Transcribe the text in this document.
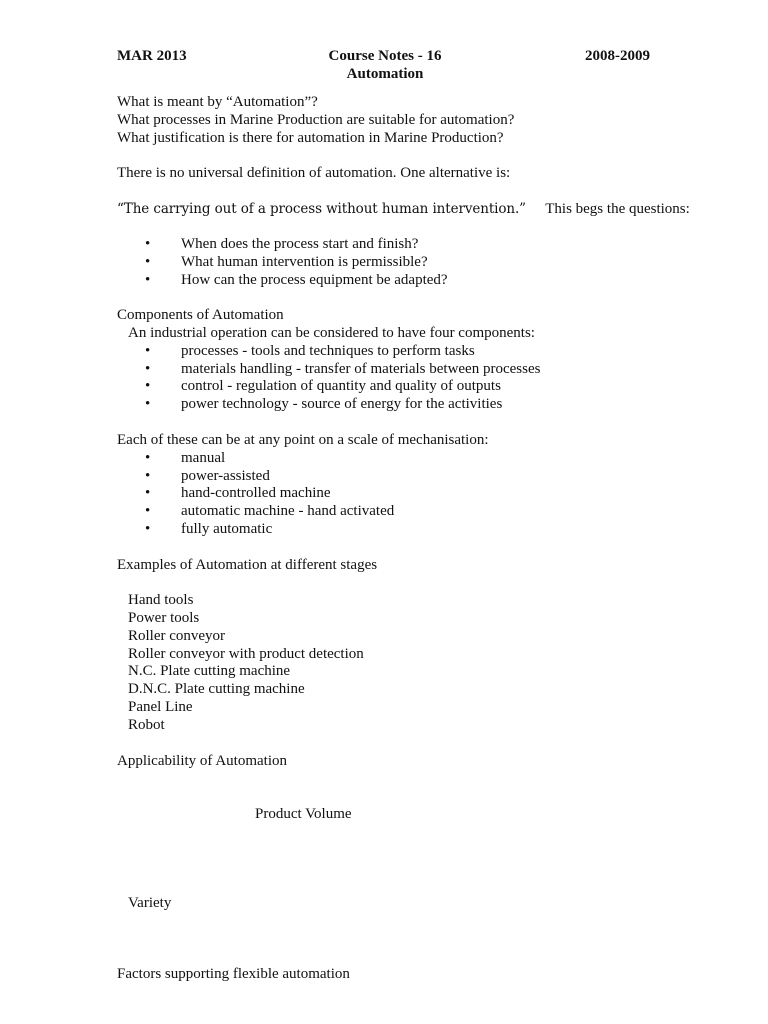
MAR 2013	Course Notes - 16	2008-2009
Automation
What is meant by “Automation”?
What processes in Marine Production are suitable for automation?
What justification is there for automation in Marine Production?
There is no universal definition of automation. One alternative is:
“The carrying out of a process without human intervention.” This begs the questions:
• When does the process start and finish?
• What human intervention is permissible?
• How can the process equipment be adapted?
Components of Automation
An industrial operation can be considered to have four components:
• processes - tools and techniques to perform tasks
• materials handling - transfer of materials between processes
• control - regulation of quantity and quality of outputs
• power technology - source of energy for the activities
Each of these can be at any point on a scale of mechanisation:
• manual
• power-assisted
• hand-controlled machine
• automatic machine - hand activated
• fully automatic
Examples of Automation at different stages
Hand tools
Power tools
Roller conveyor
Roller conveyor with product detection
N.C. Plate cutting machine
D.N.C. Plate cutting machine
Panel Line
Robot
Applicability of Automation
Product Volume
Variety
Factors supporting flexible automation
